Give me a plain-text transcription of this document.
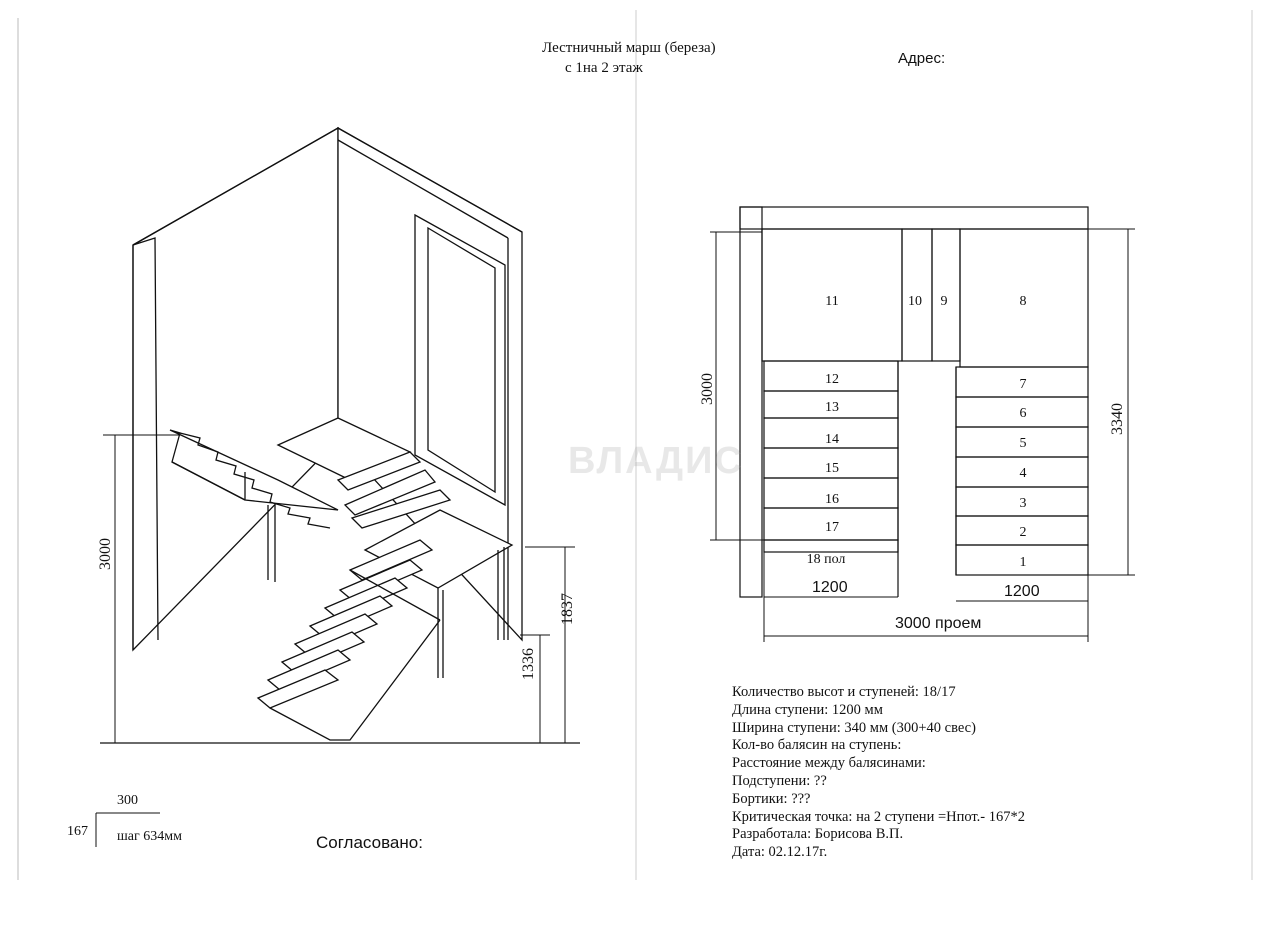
Лестничный марш (береза)
с 1на 2 этаж
Адрес:
3000
1837
1336
1
2
3
4
5
6
7
8
9
10
11
12
13
14
15
16
17
18 пол
3000
3340
1200	1200
3000 проем
300
167 шаг 634мм
Количество высот и ступеней: 18/17
Длина ступени: 1200 мм
Ширина ступени: 340 мм (300+40 свес)
Кол-во балясин на ступень:
Расстояние между балясинами:
Подступени: ??
Бортики: ???
Критическая точка: на 2 ступени =Нпот.- 167*2
Разработала: Борисова В.П.
Дата: 02.12.17г.
Согласовано:
ВЛАДИС
